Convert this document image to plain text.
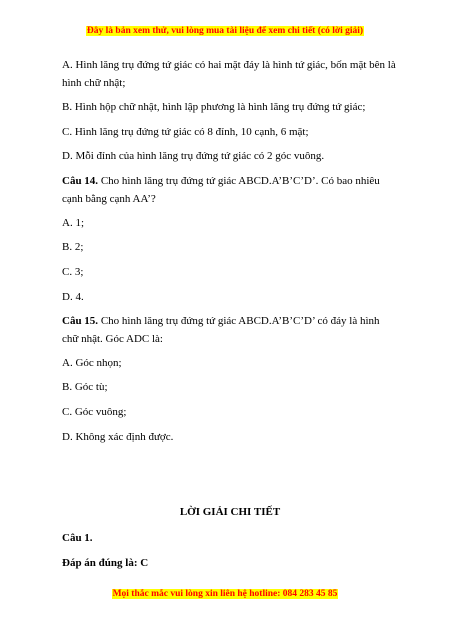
Đây là bản xem thử, vui lòng mua tài liệu để xem chi tiết (có lời giải)
A. Hình lăng trụ đứng tứ giác có hai mặt đáy là hình tứ giác, bốn mặt bên là hình chữ nhật;
B. Hình hộp chữ nhật, hình lập phương là hình lăng trụ đứng tứ giác;
C. Hình lăng trụ đứng tứ giác có 8 đỉnh, 10 cạnh, 6 mặt;
D. Mỗi đỉnh của hình lăng trụ đứng tứ giác có 2 góc vuông.
Câu 14. Cho hình lăng trụ đứng tứ giác ABCD.A’B’C’D’. Có bao nhiêu cạnh bằng cạnh AA’?
A. 1;
B. 2;
C. 3;
D. 4.
Câu 15. Cho hình lăng trụ đứng tứ giác ABCD.A’B’C’D’ có đáy là hình chữ nhật. Góc ADC là:
A. Góc nhọn;
B. Góc tù;
C. Góc vuông;
D. Không xác định được.
LỜI GIẢI CHI TIẾT
Câu 1.
Đáp án đúng là: C
Mọi thắc mắc vui lòng xin liên hệ hotline: 084 283 45 85
